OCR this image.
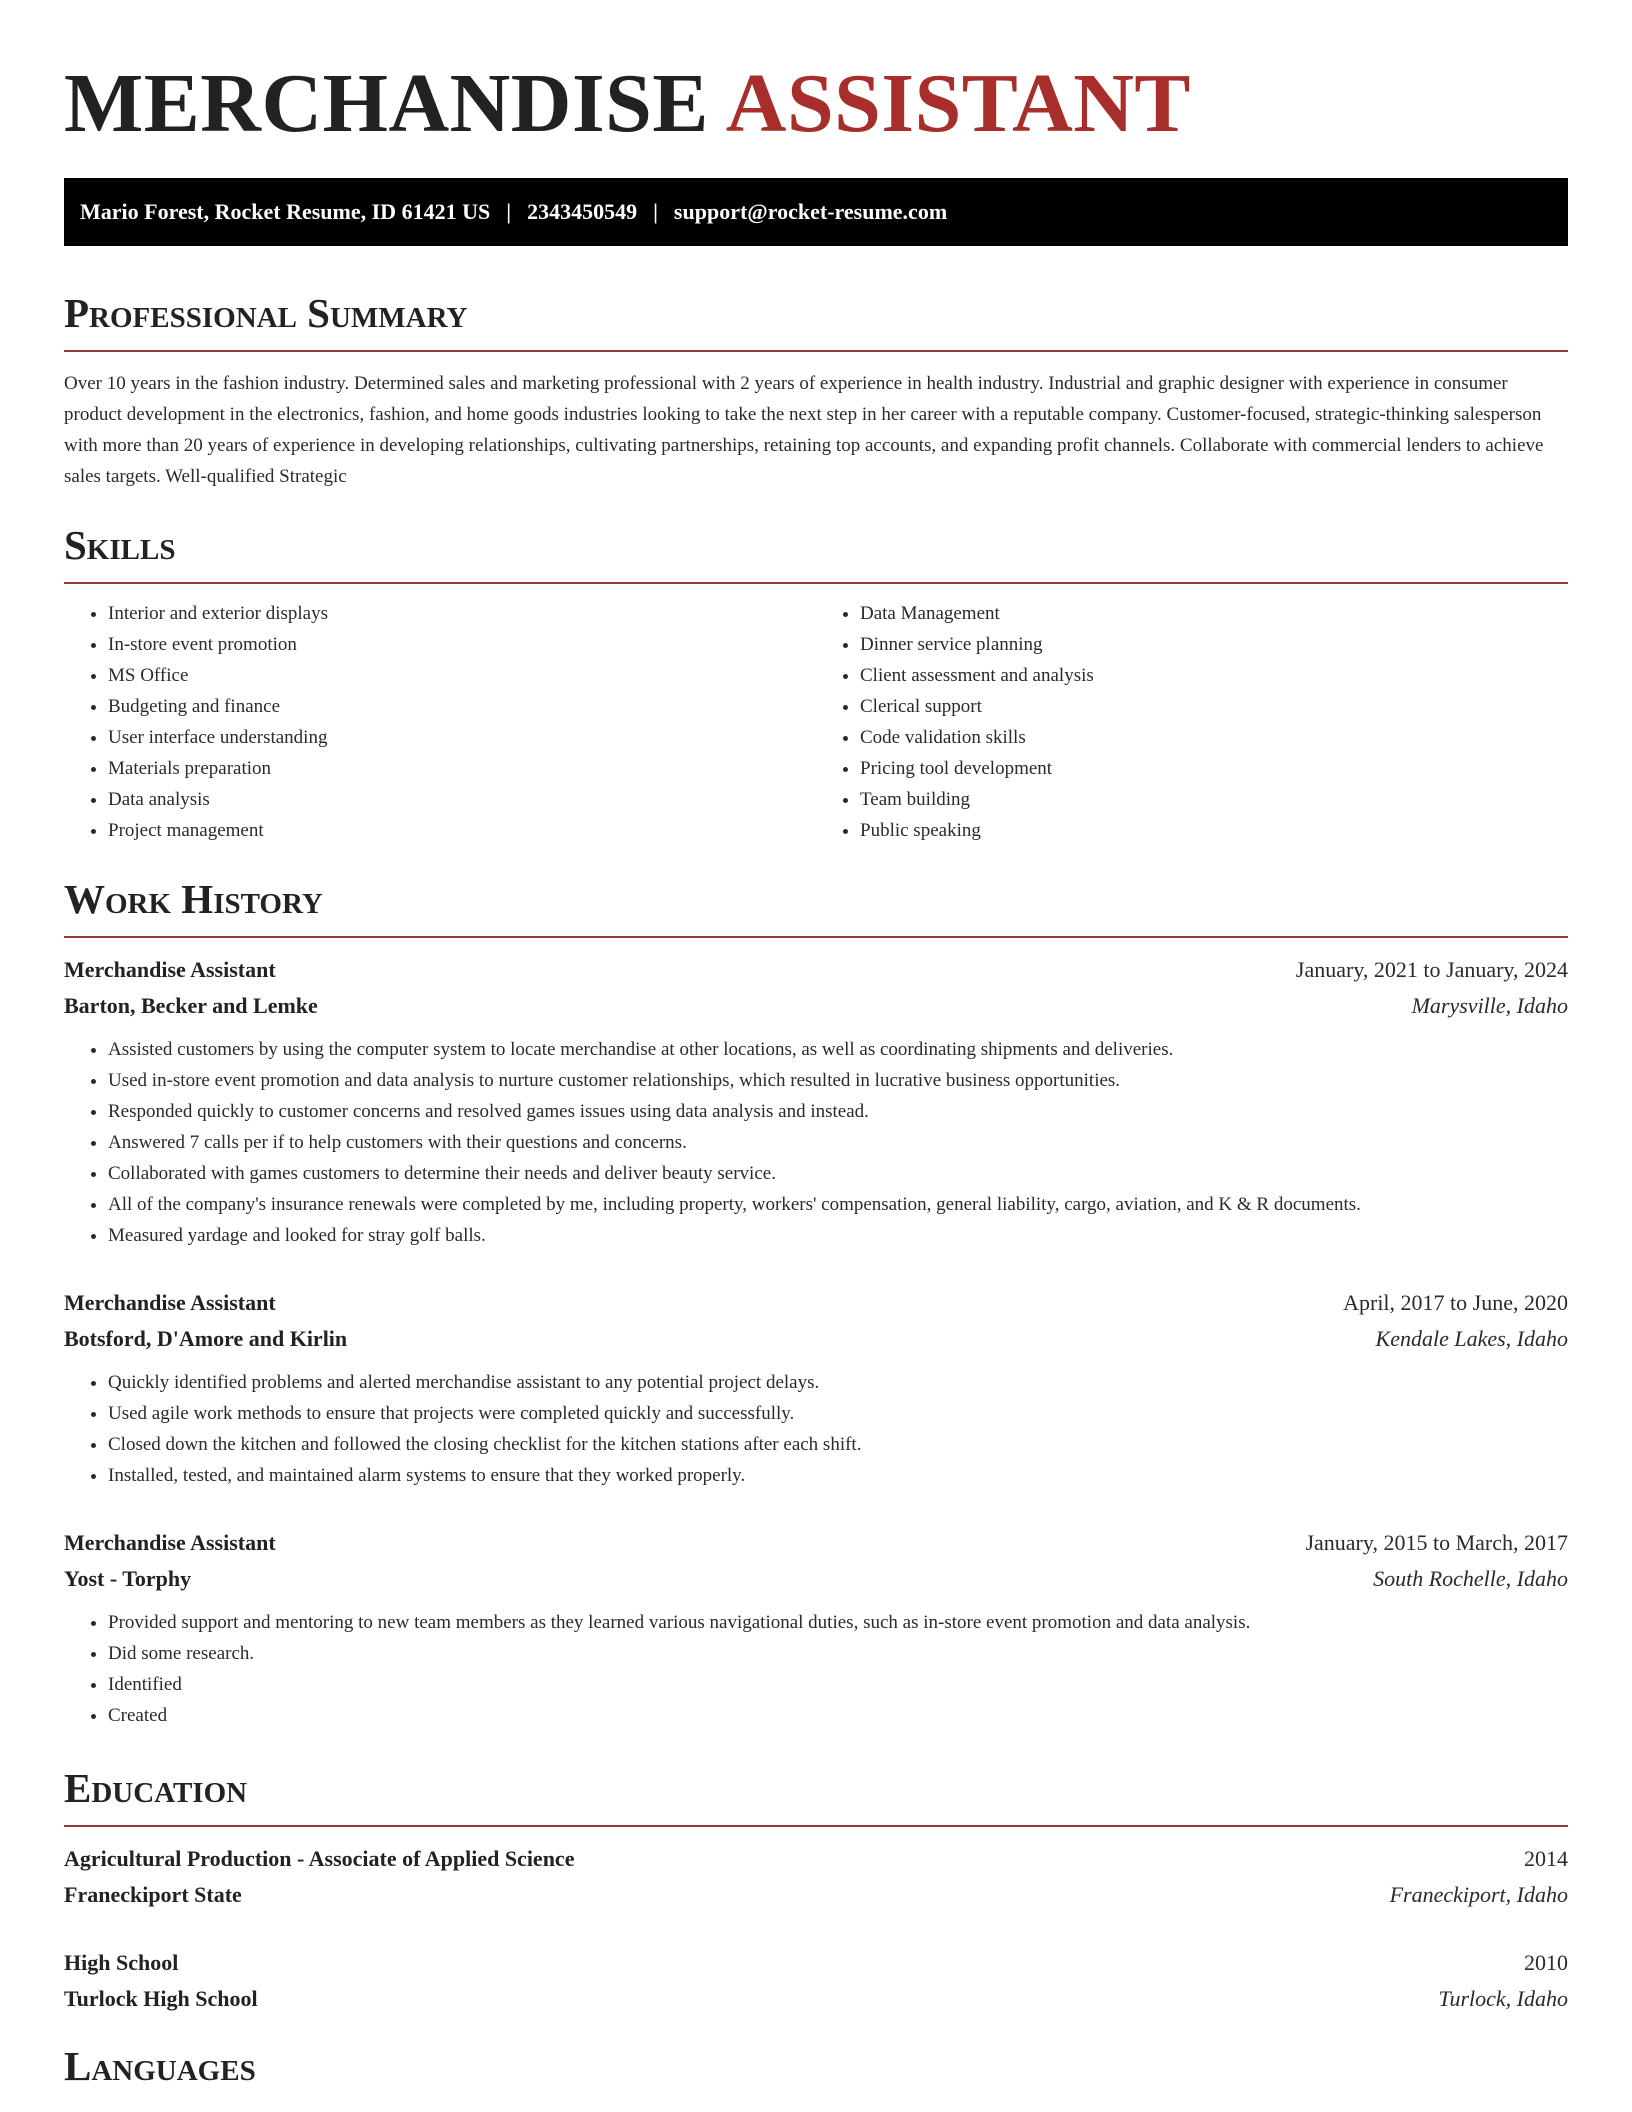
MERCHANDISE ASSISTANT
Mario Forest, Rocket Resume, ID 61421 US | 2343450549 | support@rocket-resume.com
Professional Summary

Over 10 years in the fashion industry. Determined sales and marketing professional with 2 years of experience in health industry. Industrial and graphic designer with experience in consumer product development in the electronics, fashion, and home goods industries looking to take the next step in her career with a reputable company. Customer-focused, strategic-thinking salesperson with more than 20 years of experience in developing relationships, cultivating partnerships, retaining top accounts, and expanding profit channels. Collaborate with commercial lenders to achieve sales targets. Well-qualified Strategic

Skills
• Interior and exterior displays
• In-store event promotion
• MS Office
• Budgeting and finance
• User interface understanding
• Materials preparation
• Data analysis
• Project management
• Data Management
• Dinner service planning
• Client assessment and analysis
• Clerical support
• Code validation skills
• Pricing tool development
• Team building
• Public speaking
Work History
Merchandise Assistant	January, 2021 to January, 2024
Barton, Becker and Lemke	Marysville, Idaho
• Assisted customers by using the computer system to locate merchandise at other locations, as well as coordinating shipments and deliveries.
• Used in-store event promotion and data analysis to nurture customer relationships, which resulted in lucrative business opportunities.
• Responded quickly to customer concerns and resolved games issues using data analysis and instead.
• Answered 7 calls per if to help customers with their questions and concerns.
• Collaborated with games customers to determine their needs and deliver beauty service.
• All of the company's insurance renewals were completed by me, including property, workers' compensation, general liability, cargo, aviation, and K & R documents.
• Measured yardage and looked for stray golf balls.
Merchandise Assistant	April, 2017 to June, 2020
Botsford, D'Amore and Kirlin	Kendale Lakes, Idaho
• Quickly identified problems and alerted merchandise assistant to any potential project delays.
• Used agile work methods to ensure that projects were completed quickly and successfully.
• Closed down the kitchen and followed the closing checklist for the kitchen stations after each shift.
• Installed, tested, and maintained alarm systems to ensure that they worked properly.
Merchandise Assistant	January, 2015 to March, 2017
Yost - Torphy	South Rochelle, Idaho
• Provided support and mentoring to new team members as they learned various navigational duties, such as in-store event promotion and data analysis.
• Did some research.
• Identified
• Created
Education
Agricultural Production - Associate of Applied Science	2014
Franeckiport State	Franeckiport, Idaho
High School	2010
Turlock High School	Turlock, Idaho
Languages
